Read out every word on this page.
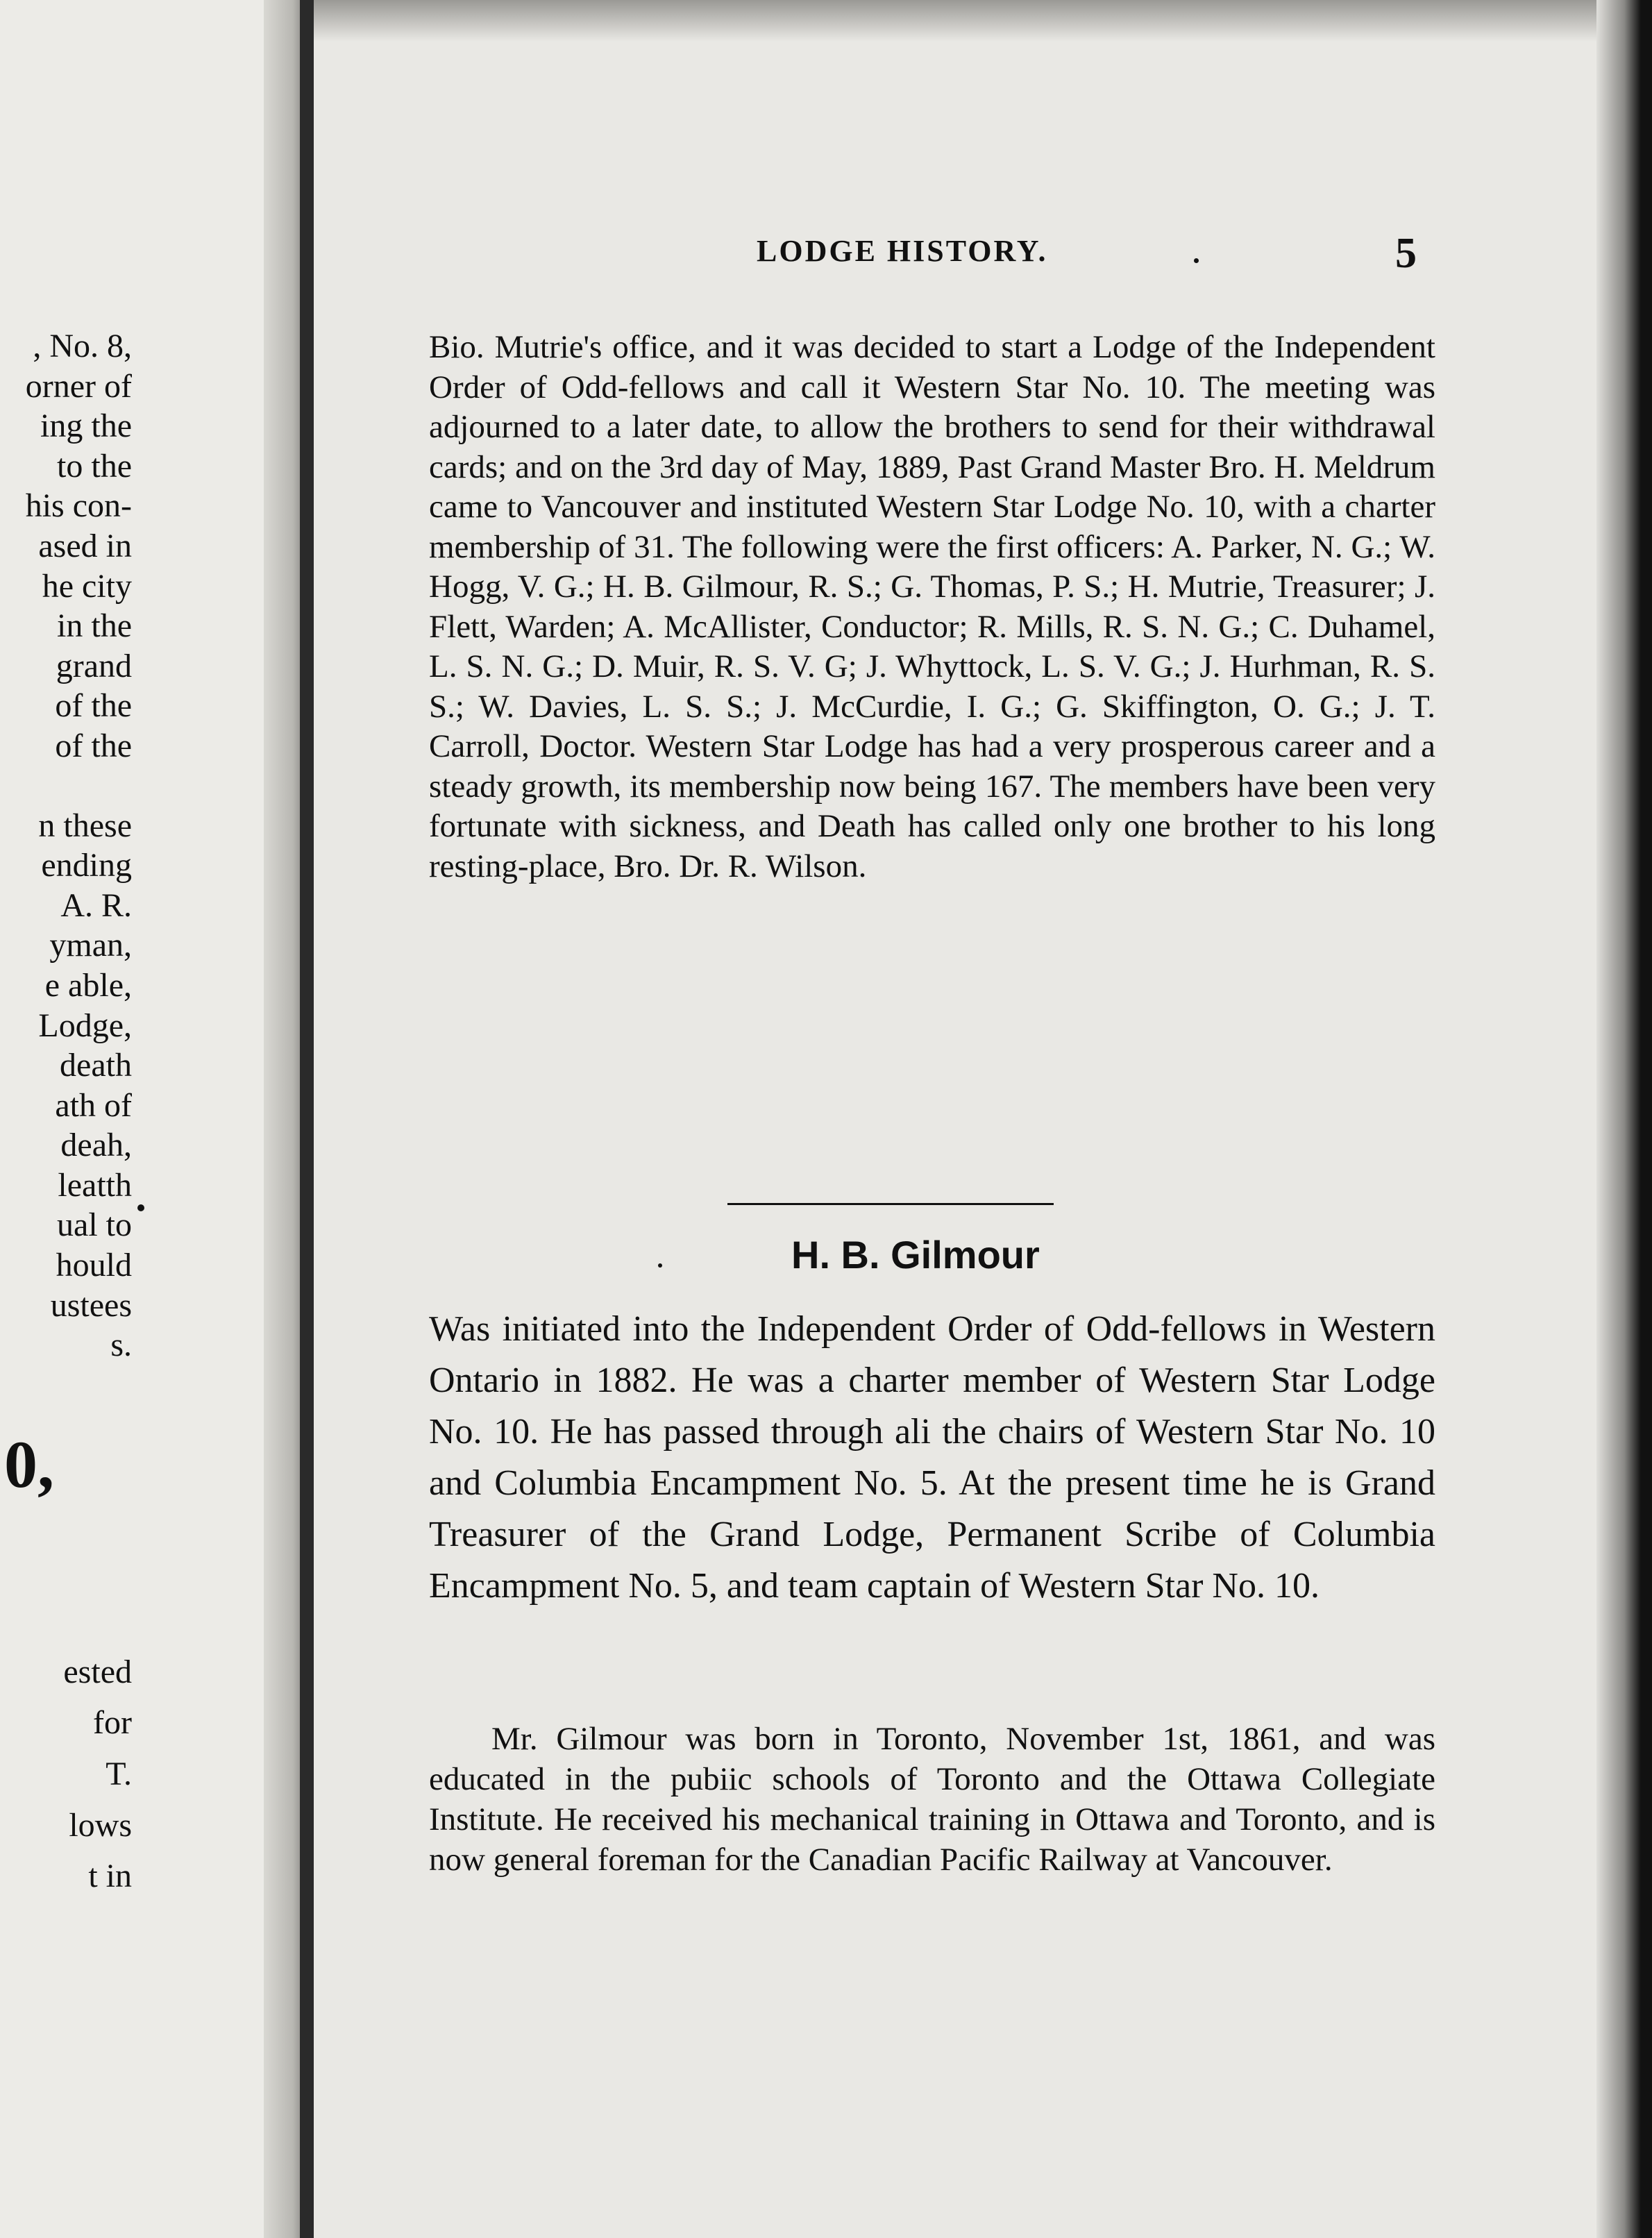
, No. 8,
orner of
ing the
to the
his con-
ased in
he city
in the
grand
of the
of the
n these
ending
A. R.
yman,
e able,
Lodge,
death
ath of
deah,
leatth
ual to
hould
ustees
s.
0,
ested
for
T.
lows
t in
LODGE HISTORY.	5
Bio. Mutrie's office, and it was decided to start a Lodge of the Independent Order of Odd-fellows and call it Western Star No. 10. The meeting was adjourned to a later date, to allow the brothers to send for their withdrawal cards; and on the 3rd day of May, 1889, Past Grand Master Bro. H. Meldrum came to Vancouver and instituted Western Star Lodge No. 10, with a charter membership of 31. The following were the first officers: A. Parker, N. G.; W. Hogg, V. G.; H. B. Gilmour, R. S.; G. Thomas, P. S.; H. Mutrie, Treasurer; J. Flett, Warden; A. McAllister, Conductor; R. Mills, R. S. N. G.; C. Duhamel, L. S. N. G.; D. Muir, R. S. V. G; J. Whyttock, L. S. V. G.; J. Hurhman, R. S. S.; W. Davies, L. S. S.; J. McCurdie, I. G.; G. Skiffington, O. G.; J. T. Carroll, Doctor. Western Star Lodge has had a very prosperous career and a steady growth, its membership now being 167. The members have been very fortunate with sickness, and Death has called only one brother to his long resting-place, Bro. Dr. R. Wilson.
H. B. Gilmour
Was initiated into the Independent Order of Odd-fellows in Western Ontario in 1882. He was a charter member of Western Star Lodge No. 10. He has passed through ali the chairs of Western Star No. 10 and Columbia Encampment No. 5. At the present time he is Grand Treasurer of the Grand Lodge, Permanent Scribe of Columbia Encampment No. 5, and team captain of Western Star No. 10.
Mr. Gilmour was born in Toronto, November 1st, 1861, and was educated in the pubiic schools of Toronto and the Ottawa Collegiate Institute. He received his mechanical training in Ottawa and Toronto, and is now general foreman for the Canadian Pacific Railway at Vancouver.
